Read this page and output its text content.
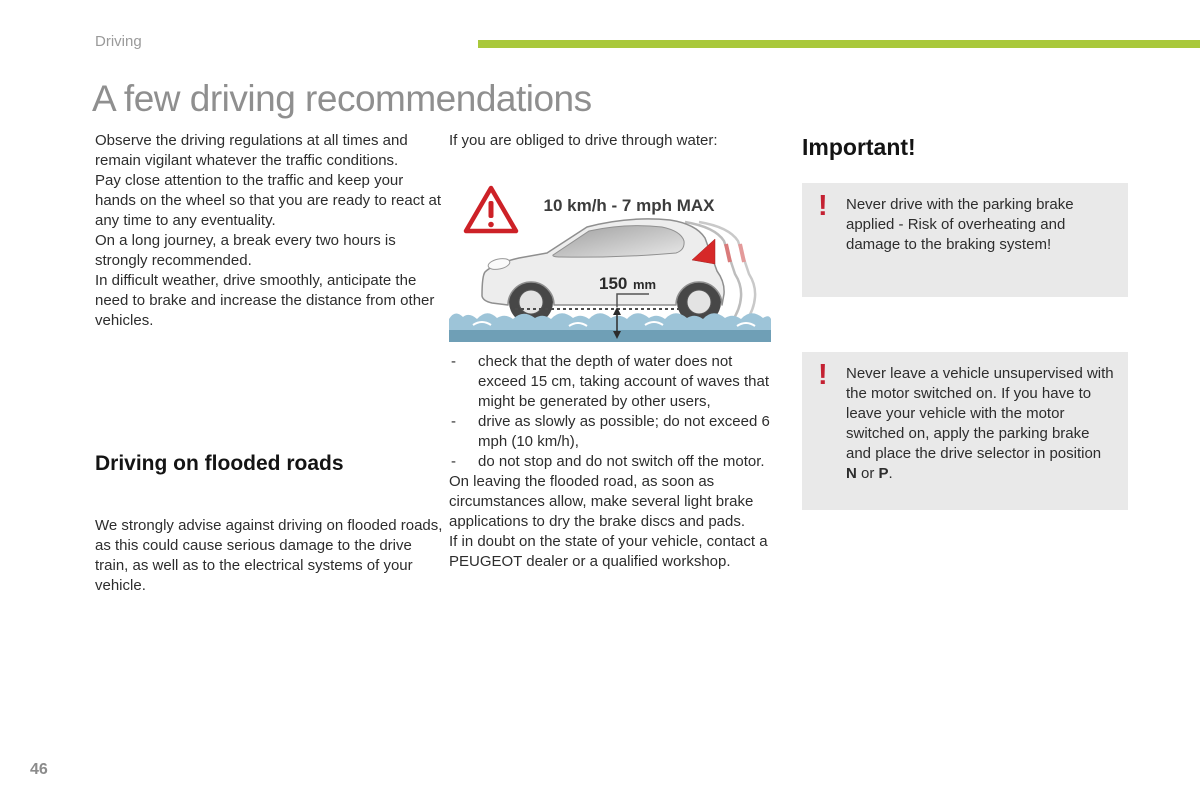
Driving
A few driving recommendations

Observe the driving regulations at all times and remain vigilant whatever the traffic conditions.

Pay close attention to the traffic and keep your hands on the wheel so that you are ready to react at any time to any eventuality.

On a long journey, a break every two hours is strongly recommended.

In difficult weather, drive smoothly, anticipate the need to brake and increase the distance from other vehicles.

Driving on flooded roads

We strongly advise against driving on flooded roads, as this could cause serious damage to the drive train, as well as to the electrical systems of your vehicle.

If you are obliged to drive through water:

150 mm
10 km/h - 7 mph MAX
- check that the depth of water does not exceed 15 cm, taking account of waves that might be generated by other users,
- drive as slowly as possible; do not exceed 6 mph (10 km/h),
- do not stop and do not switch off the motor.

On leaving the flooded road, as soon as circumstances allow, make several light brake applications to dry the brake discs and pads.

If in doubt on the state of your vehicle, contact a PEUGEOT dealer or a qualified workshop.

Important!
! Never drive with the parking brake applied - Risk of overheating and damage to the braking system!
! Never leave a vehicle unsupervised with the motor switched on. If you have to leave your vehicle with the motor switched on, apply the parking brake and place the drive selector in position N or P.
46
